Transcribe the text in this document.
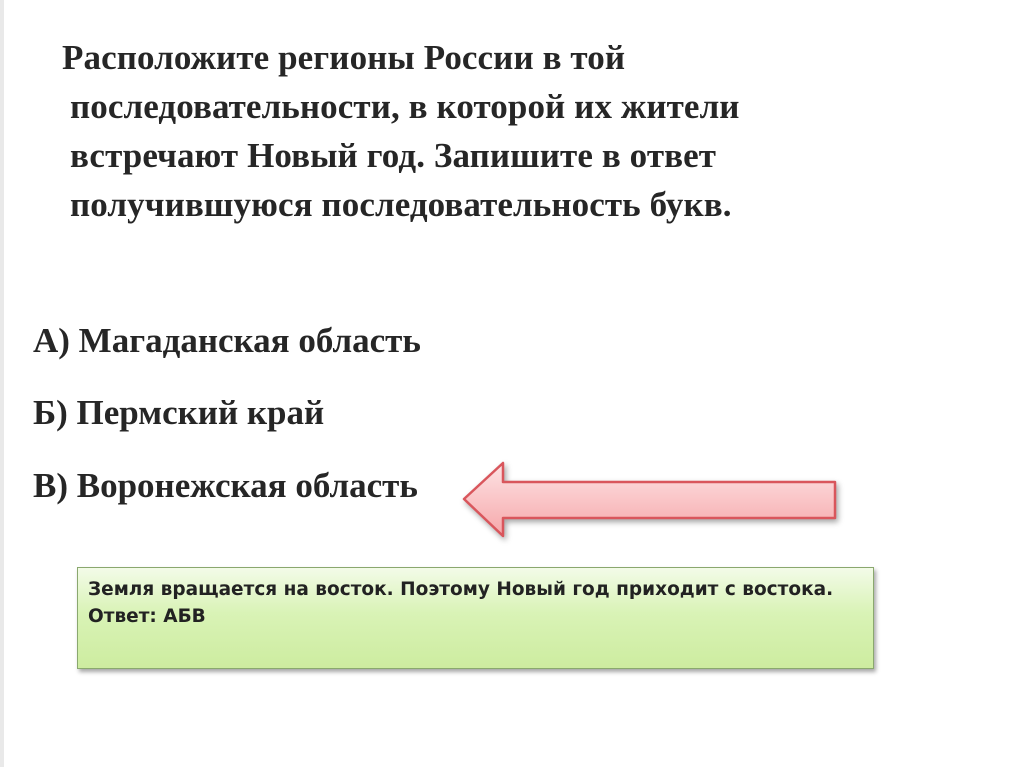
Расположите регионы России в той
последовательности, в которой их жители
встречают Новый год. Запишите в ответ
получившуюся последовательность букв.
А) Магаданская область
Б) Пермский край
В) Воронежская область
Земля вращается на восток. Поэтому Новый год приходит с востока.
Ответ: АБВ
